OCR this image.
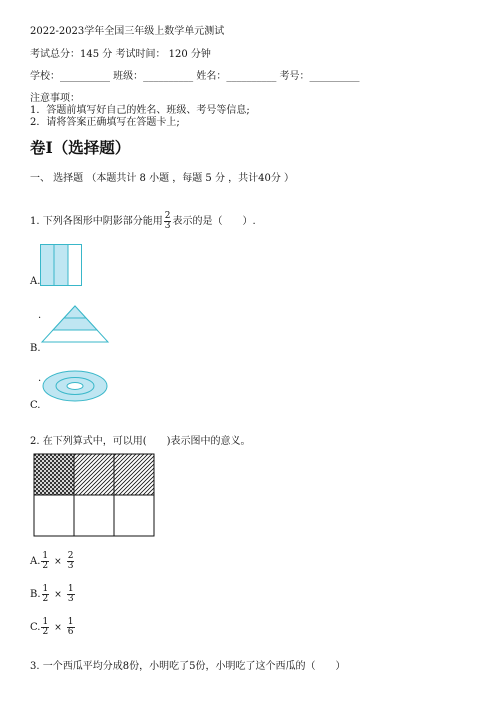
2022-2023学年全国三年级上数学单元测试
考试总分：145 分 考试时间： 120 分钟
学校：__________ 班级：__________ 姓名：__________ 考号：__________
注意事项：
1．答题前填写好自己的姓名、班级、考号等信息;
2．请将答案正确填写在答题卡上;
卷I（选择题）
一、 选择题 （本题共计 8 小题 ，每题 5 分 ，共计40分 ）
1. 下列各图形中阴影部分能用 $\frac{2}{3}$ 表示的是（　　）.
A.
.
B.
.
C.
2. 在下列算式中，可以用(　　)表示图中的意义。
A. $\frac{1}{2} \times \frac{2}{3}$
B. $\frac{1}{2} \times \frac{1}{3}$
C. $\frac{1}{2} \times \frac{1}{6}$
3. 一个西瓜平均分成8份，小明吃了5份，小明吃了这个西瓜的（　　）
